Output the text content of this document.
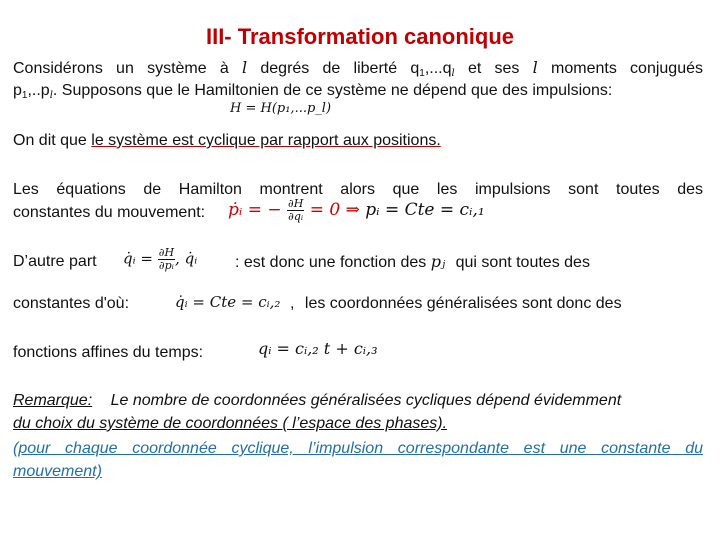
III- Transformation canonique
Considérons un système à l degrés de liberté $q_1,...q_l$ et ses l moments conjugués
$p_1,..p_l$. Supposons que le Hamiltonien de ce système ne dépend que des impulsions:
H = H(p₁,...p_l)
On dit que le système est cyclique par rapport aux positions.
Les équations de Hamilton montrent alors que les impulsions sont toutes des
constantes du mouvement: ṗᵢ = − $\frac{\partial H}{\text{∂qᵢ}} = 0$ ⇒ pᵢ = Cte = cᵢ,₁
D’autre part q̇ᵢ = $\frac{\partial H}{\text{∂pᵢ}}$ , q̇ᵢ : est donc une fonction des pⱼ qui sont toutes des
constantes d'où:	q̇ᵢ = Cte = cᵢ,₂ , les coordonnées généralisées sont donc des
fonctions affines du temps:	qᵢ = cᵢ,₂ t + cᵢ,₃
Remarque: Le nombre de coordonnées généralisées cycliques dépend évidemment
du choix du système de coordonnées ( l’espace des phases).
(pour chaque coordonnée cyclique, l’impulsion correspondante est une constante du
mouvement)
